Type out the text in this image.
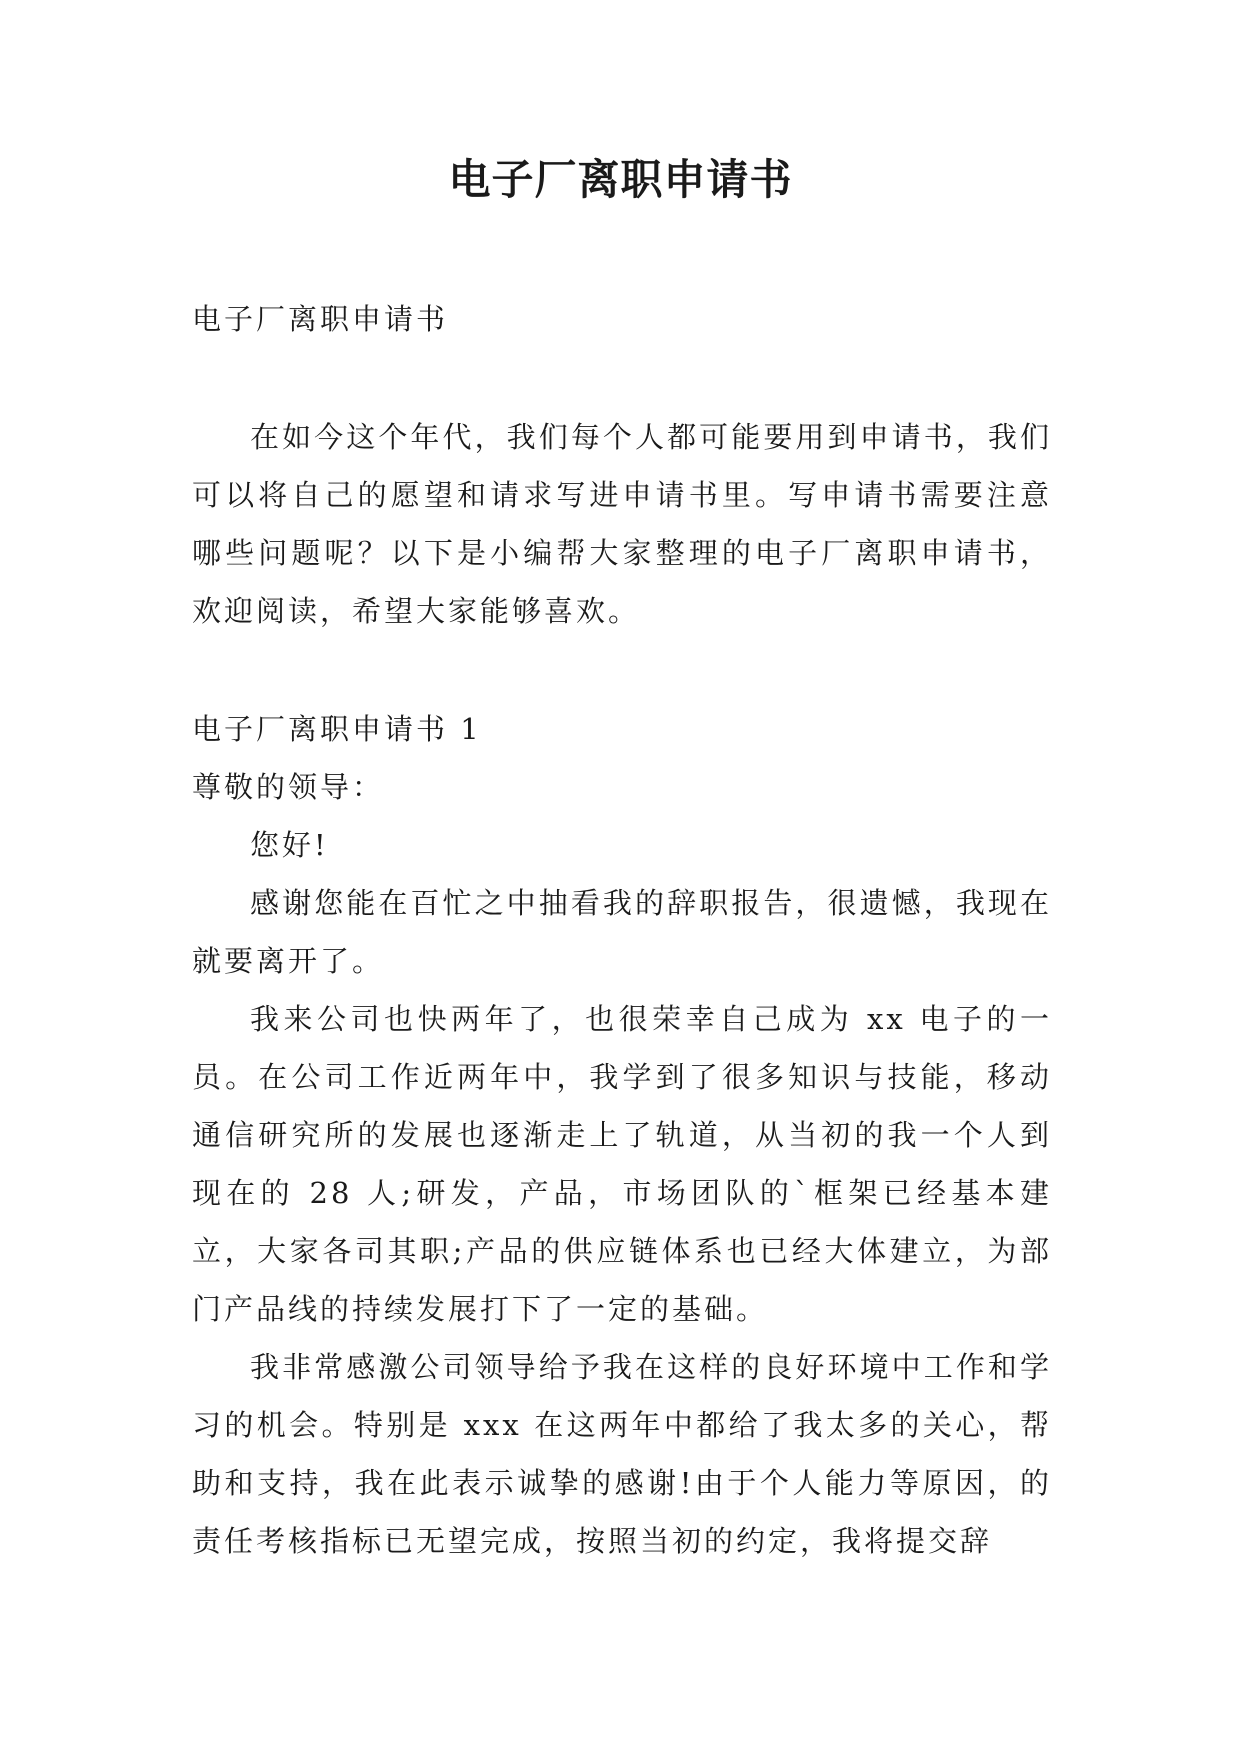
电子厂离职申请书

电子厂离职申请书

在如今这个年代，我们每个人都可能要用到申请书，我们可以将自己的愿望和请求写进申请书里。写申请书需要注意哪些问题呢？以下是小编帮大家整理的电子厂离职申请书，欢迎阅读，希望大家能够喜欢。

电子厂离职申请书 1

尊敬的领导：

您好!

感谢您能在百忙之中抽看我的辞职报告，很遗憾，我现在就要离开了。

我来公司也快两年了，也很荣幸自己成为 xx 电子的一员。在公司工作近两年中，我学到了很多知识与技能，移动通信研究所的发展也逐渐走上了轨道，从当初的我一个人到现在的 28 人;研发，产品，市场团队的`框架已经基本建立，大家各司其职;产品的供应链体系也已经大体建立，为部门产品线的持续发展打下了一定的基础。

我非常感激公司领导给予我在这样的良好环境中工作和学习的机会。特别是 xxx 在这两年中都给了我太多的关心，帮助和支持，我在此表示诚挚的感谢!由于个人能力等原因，的责任考核指标已无望完成，按照当初的约定，我将提交辞
